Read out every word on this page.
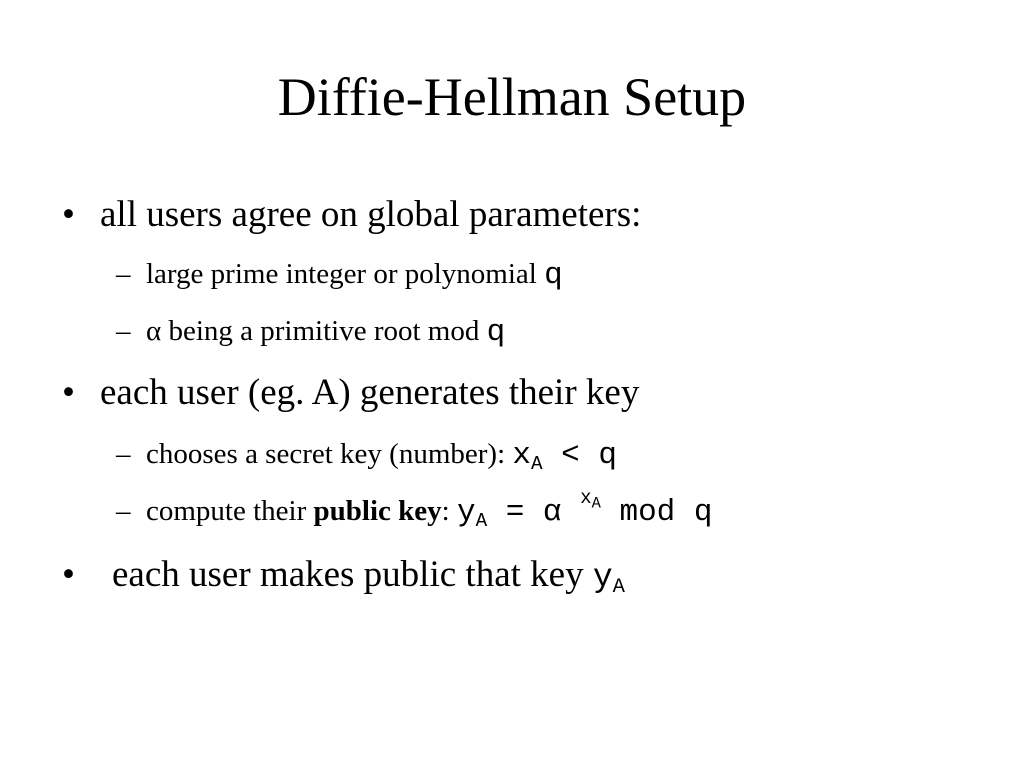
Diffie-Hellman Setup
• all users agree on global parameters:
– large prime integer or polynomial q
– α being a primitive root mod q
• each user (eg. A) generates their key
– chooses a secret key (number): $x_A < q$
– compute their public key: $y_A = \alpha$ $^{x_A}$ mod q
• each user makes public that key $y_A$
